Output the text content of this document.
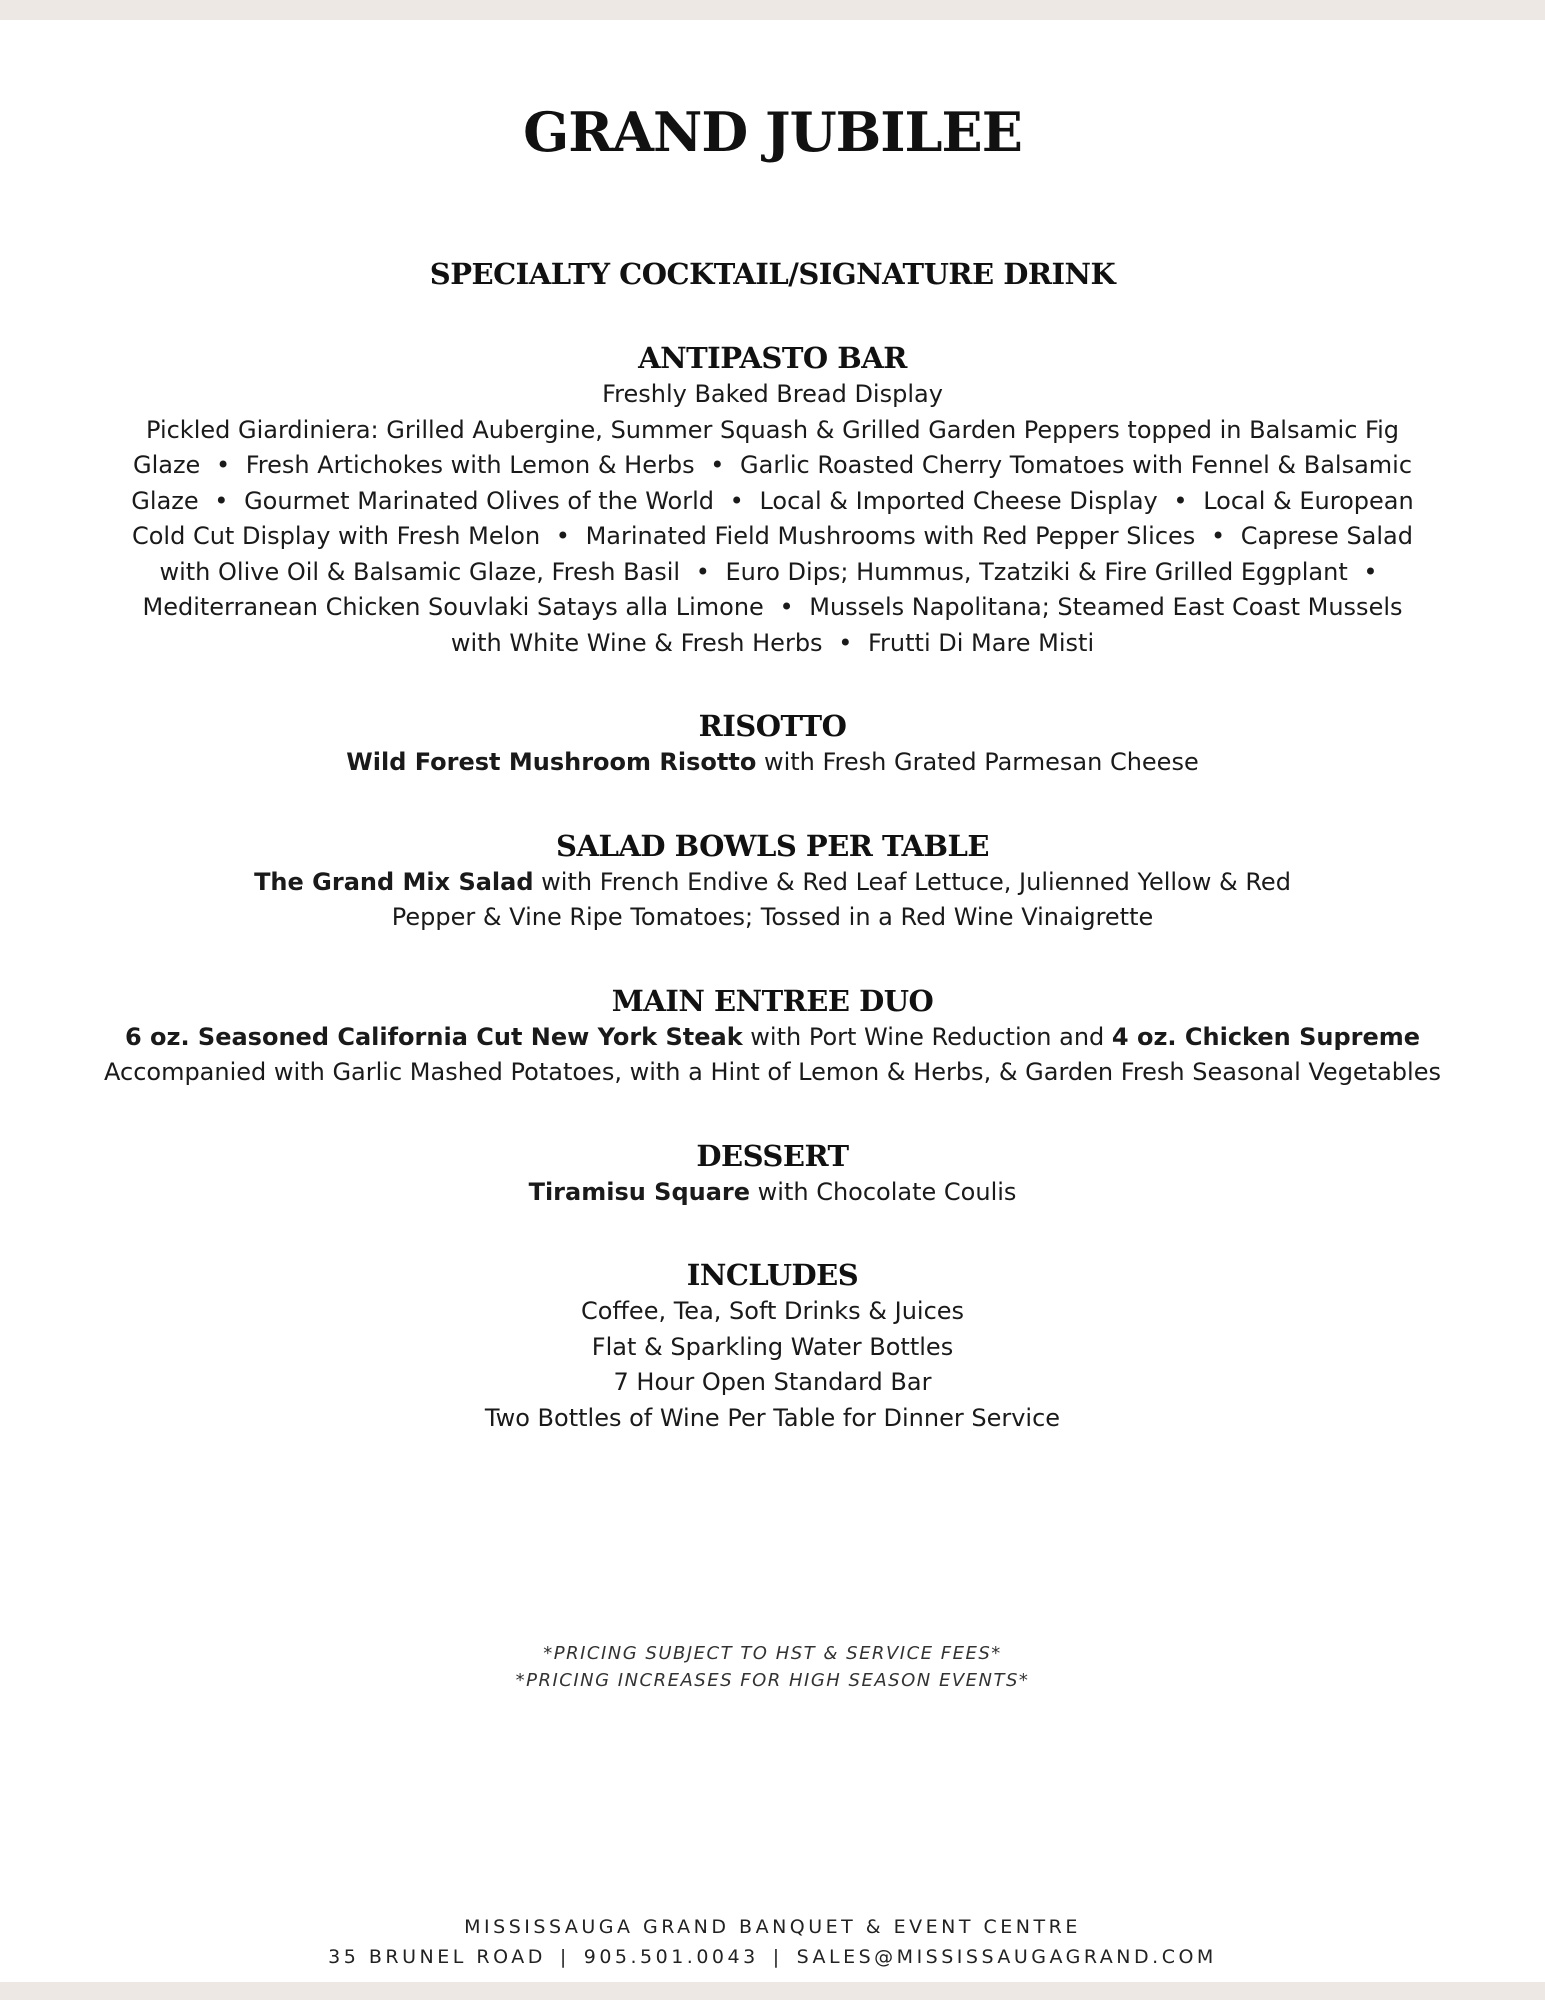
GRAND JUBILEE
SPECIALTY COCKTAIL/SIGNATURE DRINK
ANTIPASTO BAR
Freshly Baked Bread Display
Pickled Giardiniera: Grilled Aubergine, Summer Squash & Grilled Garden Peppers topped in Balsamic Fig Glaze • Fresh Artichokes with Lemon & Herbs • Garlic Roasted Cherry Tomatoes with Fennel & Balsamic Glaze • Gourmet Marinated Olives of the World • Local & Imported Cheese Display • Local & European Cold Cut Display with Fresh Melon • Marinated Field Mushrooms with Red Pepper Slices • Caprese Salad with Olive Oil & Balsamic Glaze, Fresh Basil • Euro Dips; Hummus, Tzatziki & Fire Grilled Eggplant • Mediterranean Chicken Souvlaki Satays alla Limone • Mussels Napolitana; Steamed East Coast Mussels with White Wine & Fresh Herbs • Frutti Di Mare Misti
RISOTTO
Wild Forest Mushroom Risotto with Fresh Grated Parmesan Cheese
SALAD BOWLS PER TABLE
The Grand Mix Salad with French Endive & Red Leaf Lettuce, Julienned Yellow & Red Pepper & Vine Ripe Tomatoes; Tossed in a Red Wine Vinaigrette
MAIN ENTREE DUO
6 oz. Seasoned California Cut New York Steak with Port Wine Reduction and 4 oz. Chicken Supreme
Accompanied with Garlic Mashed Potatoes, with a Hint of Lemon & Herbs, & Garden Fresh Seasonal Vegetables
DESSERT
Tiramisu Square with Chocolate Coulis
INCLUDES
Coffee, Tea, Soft Drinks & Juices
Flat & Sparkling Water Bottles
7 Hour Open Standard Bar
Two Bottles of Wine Per Table for Dinner Service
*PRICING SUBJECT TO HST & SERVICE FEES*
*PRICING INCREASES FOR HIGH SEASON EVENTS*
MISSISSAUGA GRAND BANQUET & EVENT CENTRE
35 BRUNEL ROAD | 905.501.0043 | SALES@MISSISSAUGAGRAND.COM
